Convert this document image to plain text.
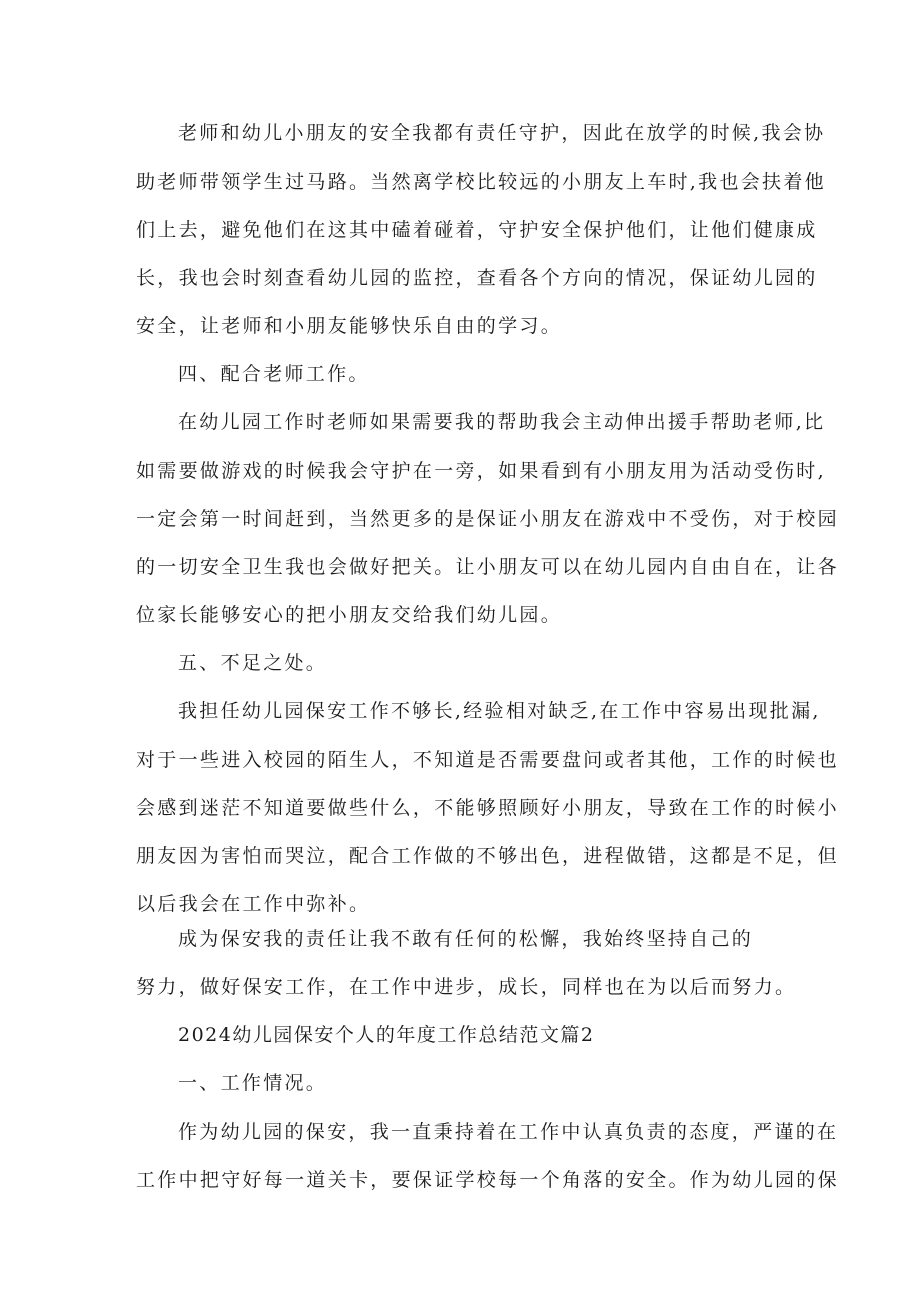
老师和幼儿小朋友的安全我都有责任守护，因此在放学的时候,我会协
助老师带领学生过马路。当然离学校比较远的小朋友上车时,我也会扶着他
们上去，避免他们在这其中磕着碰着，守护安全保护他们，让他们健康成
长，我也会时刻查看幼儿园的监控，查看各个方向的情况，保证幼儿园的
安全，让老师和小朋友能够快乐自由的学习。
四、配合老师工作。
在幼儿园工作时老师如果需要我的帮助我会主动伸出援手帮助老师,比
如需要做游戏的时候我会守护在一旁，如果看到有小朋友用为活动受伤时,
一定会第一时间赶到，当然更多的是保证小朋友在游戏中不受伤，对于校园
的一切安全卫生我也会做好把关。让小朋友可以在幼儿园内自由自在，让各
位家长能够安心的把小朋友交给我们幼儿园。
五、不足之处。
我担任幼儿园保安工作不够长,经验相对缺乏,在工作中容易出现批漏,
对于一些进入校园的陌生人，不知道是否需要盘问或者其他，工作的时候也
会感到迷茫不知道要做些什么，不能够照顾好小朋友，导致在工作的时候小
朋友因为害怕而哭泣，配合工作做的不够出色，进程做错，这都是不足，但
以后我会在工作中弥补。
成为保安我的责任让我不敢有任何的松懈，我始终坚持自己的
努力，做好保安工作，在工作中进步，成长，同样也在为以后而努力。
2024幼儿园保安个人的年度工作总结范文篇2
一、工作情况。
作为幼儿园的保安，我一直秉持着在工作中认真负责的态度，严谨的在
工作中把守好每一道关卡，要保证学校每一个角落的安全。作为幼儿园的保
